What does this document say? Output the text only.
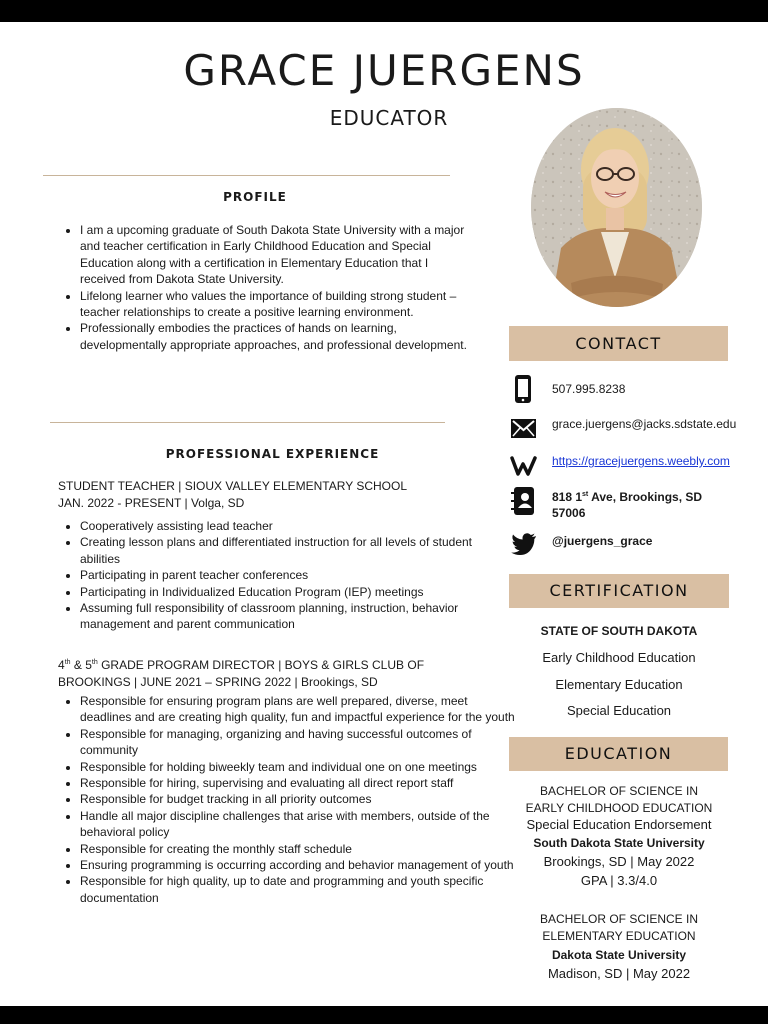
GRACE JUERGENS
EDUCATOR
PROFILE
• I am a upcoming graduate of South Dakota State University with a major and teacher certification in Early Childhood Education and Special Education along with a certification in Elementary Education that I received from Dakota State University.
• Lifelong learner who values the importance of building strong student – teacher relationships to create a positive learning environment.
• Professionally embodies the practices of hands on learning, developmentally appropriate approaches, and professional development.
PROFESSIONAL EXPERIENCE
STUDENT TEACHER | SIOUX VALLEY ELEMENTARY SCHOOL
JAN. 2022 - PRESENT | Volga, SD
• Cooperatively assisting lead teacher
• Creating lesson plans and differentiated instruction for all levels of student abilities
• Participating in parent teacher conferences
• Participating in Individualized Education Program (IEP) meetings
• Assuming full responsibility of classroom planning, instruction, behavior management and parent communication
4th & 5th GRADE PROGRAM DIRECTOR | BOYS & GIRLS CLUB OF
BROOKINGS | JUNE 2021 – SPRING 2022 | Brookings, SD
• Responsible for ensuring program plans are well prepared, diverse, meet deadlines and are creating high quality, fun and impactful experience for the youth
• Responsible for managing, organizing and having successful outcomes of community
• Responsible for holding biweekly team and individual one on one meetings
• Responsible for hiring, supervising and evaluating all direct report staff
• Responsible for budget tracking in all priority outcomes
• Handle all major discipline challenges that arise with members, outside of the behavioral policy
• Responsible for creating the monthly staff schedule
• Ensuring programming is occurring according and behavior management of youth
• Responsible for high quality, up to date and programming and youth specific documentation
CONTACT
507.995.8238
grace.juergens@jacks.sdstate.edu
https://gracejuergens.weebly.com
818 1st Ave, Brookings, SD
57006
@juergens_grace
CERTIFICATION
STATE OF SOUTH DAKOTA
Early Childhood Education
Elementary Education
Special Education
EDUCATION
BACHELOR OF SCIENCE IN
EARLY CHILDHOOD EDUCATION
Special Education Endorsement
South Dakota State University
Brookings, SD | May 2022
GPA | 3.3/4.0
BACHELOR OF SCIENCE IN
ELEMENTARY EDUCATION
Dakota State University
Madison, SD | May 2022
